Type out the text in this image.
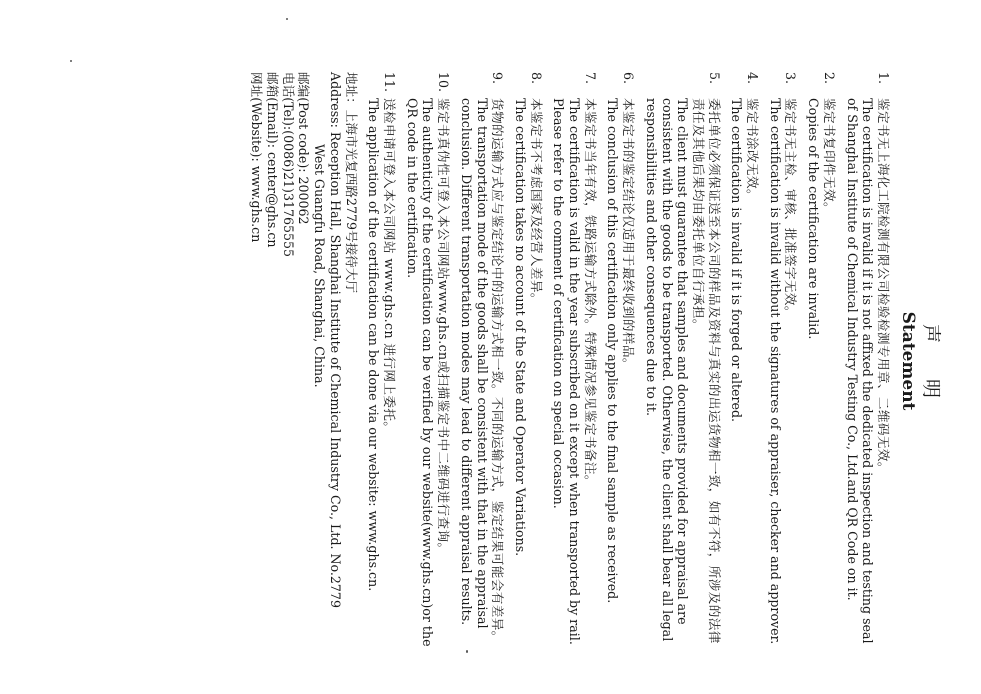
声明
Statement
1.
鉴定书无上海化工院检测有限公司检验检测专用章、二维码无效。
The certification is invalid if it is not affixed the dedicated inspection and testing seal of Shanghai Institute of Chemical Industry Testing Co., Ltd.and QR Code on it.
2.
鉴定书复印件无效。
Copies of the certification are invalid.
3.
鉴定书无主检、审核、批准签字无效。
The certification is invalid without the signatures of appraiser, checker and approver.
4.
鉴定书涂改无效。
The certification is invalid if it is forged or altered.
5.
委托单位必须保证送至本公司的样品及资料与真实的出运货物相一致，如有不符，所涉及的法律责任及其他后果均由委托单位自行承担。
The client must guarantee that samples and documents provided for appraisal are consistent with the goods to be transported. Otherwise, the client shall bear all legal responsibilities and other consequences due to it.
6.
本鉴定书的鉴定结论仅适用于最终收到的样品。
The conclusion of this certification only applies to the final sample as received.
7.
本鉴定书当年有效，铁路运输方式除外。特殊情况参见鉴定书备注。
The certification is valid in the year subscribed on it except when transported by rail. Please refer to the comment of certification on special occasion.
8.
本鉴定书不考虑国家及经营人差异。
The certification takes no account of the State and Operator Variations.
9.
货物的运输方式应与鉴定结论中的运输方式相一致。不同的运输方式，鉴定结果可能会有差异。
The transportation mode of the goods shall be consistent with that in the appraisal conclusion. Different transportation modes may lead to different appraisal results.
10.
鉴定书真伪性可登入本公司网站www.ghs.cn或扫描鉴定书中二维码进行查询。
The authenticity of the certification can be verified by our website(www.ghs.cn)or the QR code in the certification.
11.
送检申请可登入本公司网站 www.ghs.cn 进行网上委托。
The application of the certification can be done via our website: www.ghs.cn.
地址：上海市光复西路2779号接待大厅
Address: Reception Hall, Shanghai Institute of Chemical Industry Co., Ltd. No.2779
West Guangfu Road, Shanghai, China.
邮编(Post code): 200062
电话(Tel):(0086)21)31765555
邮箱(Email): center@ghs.cn
网址(Website): www.ghs.cn
